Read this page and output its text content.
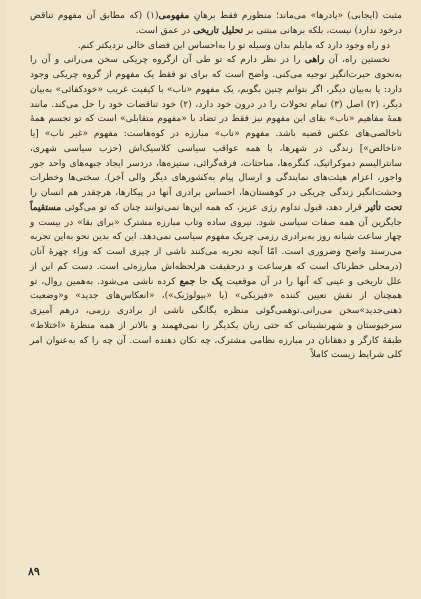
مثبت (ایجابی) «یادرها» می‌ماند؛ منظورم فقط برهانِ مفهومی(۱) (که مطابق آن مفهوم تناقض درخود ندارد) نیست، بلکه برهانی مبتنی بر تحلیل تاریخی در عمق است.

دو راه وجود دارد که مایلم بدان وسیله تو را به‌احساس این فضای خالی نزدیکتر کنم.

نخستین راه، آن راهی را در نظر دارم که تو طی آن ازگروه چریکی سخن می‌رانی و آن را به‌نحوی حیرت‌انگیز توجیه می‌کنی. واضح است که برای تو فقط یک مفهوم از گروه چریکی وجود دارد: یا به‌بیان دیگر، اگر بتوانم چنین بگویم، یک مفهوم «ناب» با کیفیت غریب «خودکفائی» به‌بیان دیگر، (۲) اصل (۳) تمام تحولات را در درون خود دارد، (۲) خود تناقضات خود را حل می‌کند. مانند همهٔ مفاهیم «ناب» بقای این مفهوم نیز فقط در تضاد با «مفهوم متقابلی» است که تو تجسم همهٔ ناخالصی‌های عکس قضیه باشد. مفهوم «ناب» مبارزه در کوه‌هاست: مفهوم «غیر ناب» [یا «ناخالص»] زندگی در شهرها، با همه عواقب سیاسی کلاسیک‌اش (حزب سیاسی شهری، سانترالیسم دموکراتیک، کنگره‌ها، مباحثات، فرقه‌گرائی، ستیزه‌ها، دردسر ایجاد جبهه‌های واحد جور واجور، اعزام هیئت‌های نمایندگی و ارسال پیام به‌کشورهای دیگر والی آخر). سختی‌ها وخطرات وحشت‌انگیز زندگی چریکی در کوهستان‌ها، احساس برادری آنها در پیکارها، هرچقدر هم انسان را تحت تأثیر قرار دهد، قبول تداوم رژی عزیز، که همه این‌ها نمی‌توانند چنان که تو می‌گوئی مستقیماً جایگزین آن همه صفات سیاسی شود. نیروی ساده وتاب مبارزه مشترک «برای بقا» در بیست و چهار ساعت شبانه روز به‌برادری رزمی چریک مفهوم سیاسی نمی‌دهد. این که بدین نحو به‌این تجربه می‌رسند واضح وضروری است. امّا آنچه تجربه می‌کنند ناشی از چیزی است که وراء چهرهٔ آنان (درمحلی خطرناک است که هرساعت و درحقیقت هرلحظه‌اش مبارزه‌ئی است. دست کم این از علل تاریخی و عینی که آنها را در آن موقعیت یک جا جمع کرده ناشی می‌شود. به‌همین روال، تو همچنان از نقش تعیین کننده «فیزیکی» (یا «بیولوژیک»)، «انعکاس‌های جدید» و«وضعیت ذهنی‌جدید»سخن می‌رانی.توهمی‌گوئی منظره یگانگی ناشی از برادری رزمی، درهم آمیزی سرخپوستان و شهرنشینانی که حتی زبان یکدیگر را نمی‌فهمند و بالاتر از همه منظرهٔ «اختلاط» طبقهٔ کارگر و دهقانان در مبارزه نظامی مشترک، چه تکان دهنده است. آن چه را که به‌عنوان امر کلی شرایط زیست کاملاً

۸۹
